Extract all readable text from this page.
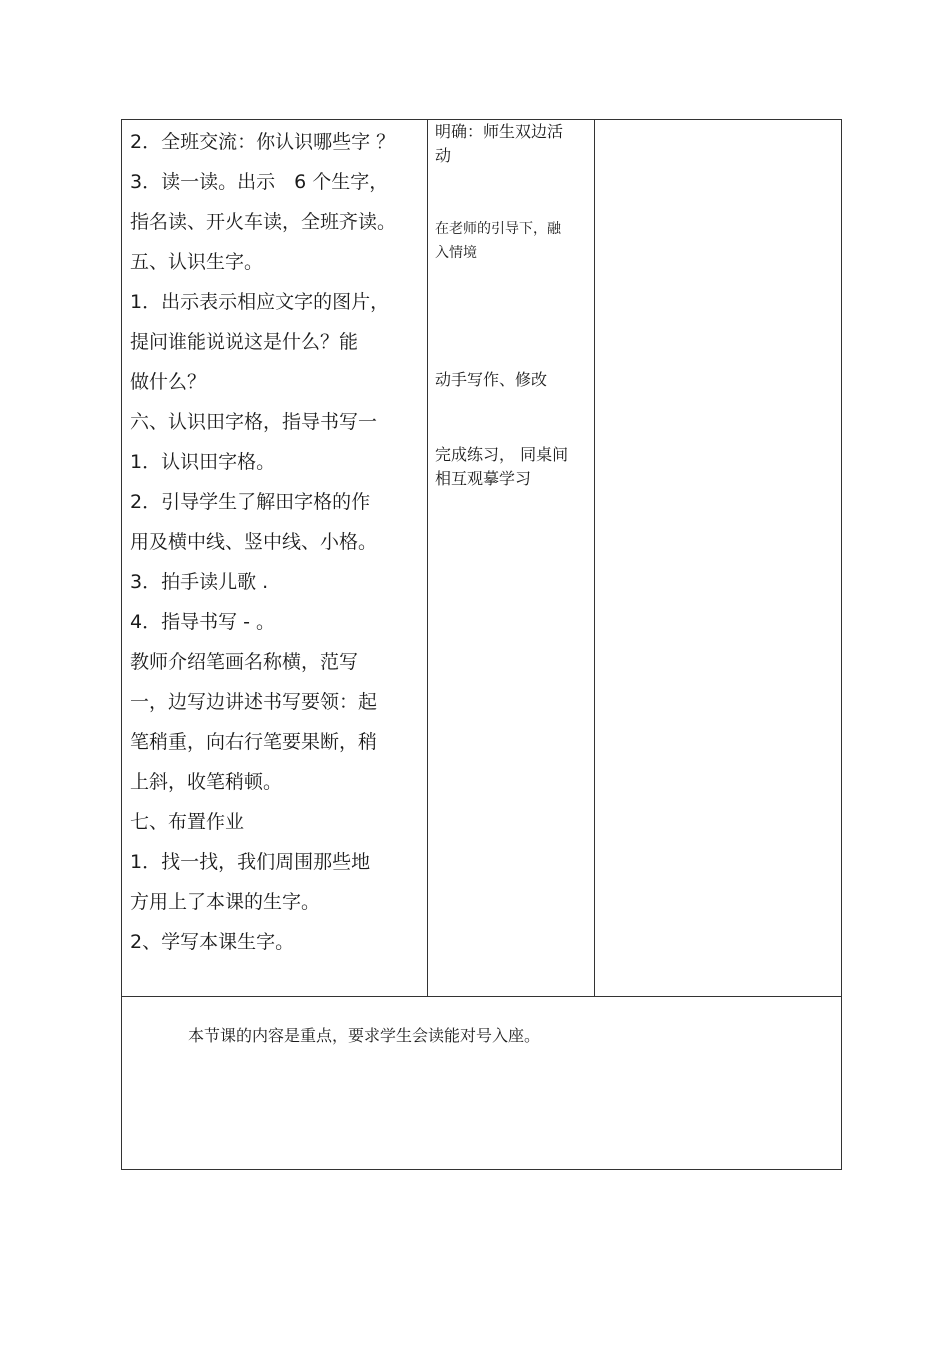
2．全班交流：你认识哪些字 ？
3．读一读。出示　6 个生字，
指名读、开火车读，全班齐读。
五、认识生字。
1．出示表示相应文字的图片，
提问谁能说说这是什么？能
做什么？
六、认识田字格，指导书写一
1．认识田字格。
2．引导学生了解田字格的作
用及横中线、竖中线、小格。
3．拍手读儿歌 .
4．指导书写 - 。
教师介绍笔画名称横，范写
一，边写边讲述书写要领：起
笔稍重，向右行笔要果断，稍
上斜，收笔稍顿。
七、布置作业
1．找一找，我们周围那些地
方用上了本课的生字。
2、学写本课生字。
明确：师生双边活
动
在老师的引导下，融
入情境
动手写作、修改
完成练习， 同桌间
相互观摹学习
本节课的内容是重点，要求学生会读能对号入座。
